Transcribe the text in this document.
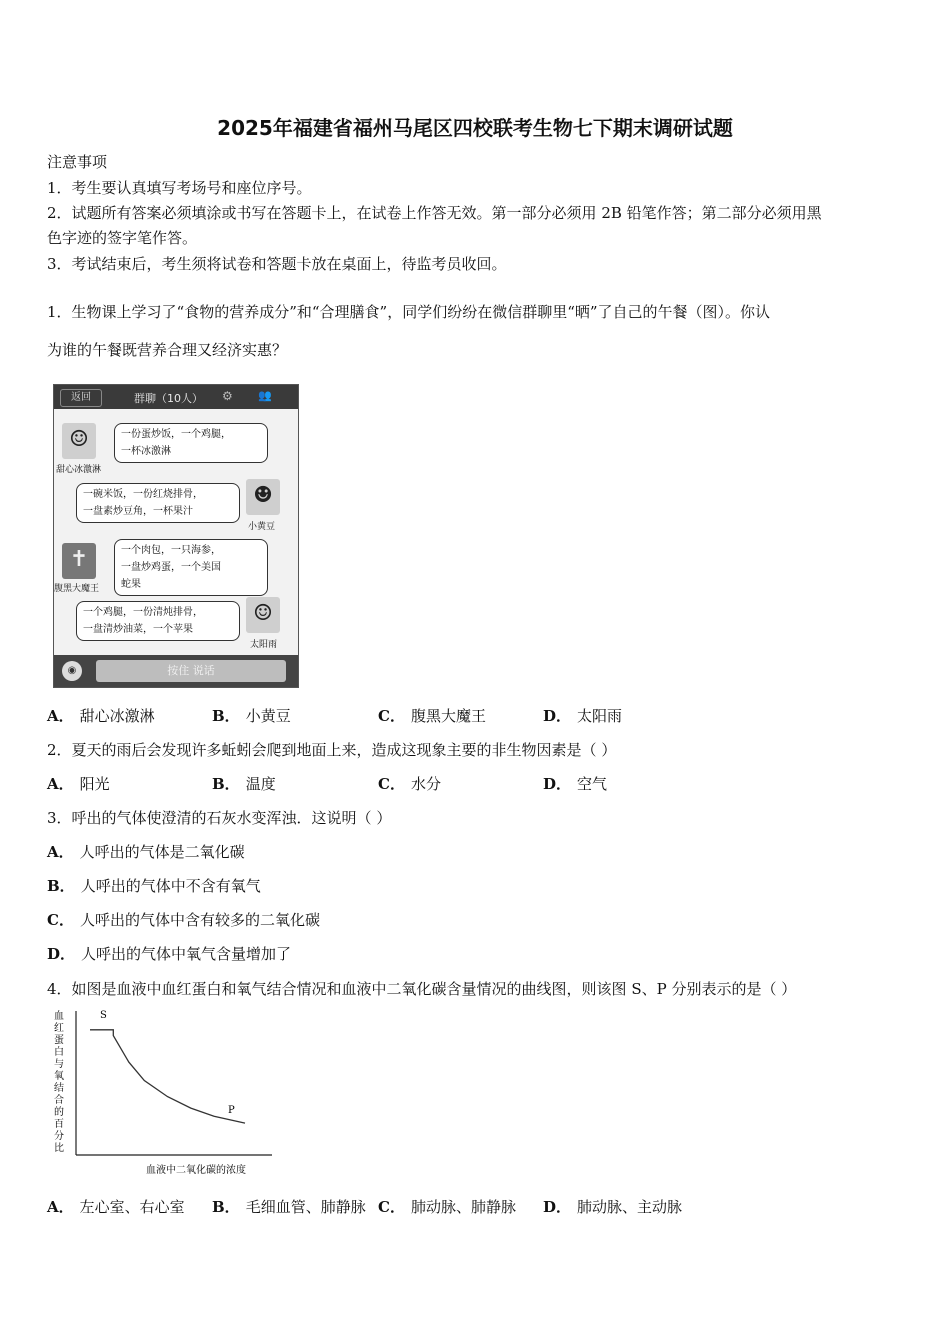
2025年福建省福州马尾区四校联考生物七下期末调研试题
注意事项
1．考生要认真填写考场号和座位序号。
2．试题所有答案必须填涂或书写在答题卡上，在试卷上作答无效。第一部分必须用 2B 铅笔作答；第二部分必须用黑
色字迹的签字笔作答。
3．考试结束后，考生须将试卷和答题卡放在桌面上，待监考员收回。
1．生物课上学习了“食物的营养成分”和“合理膳食”，同学们纷纷在微信群聊里“晒”了自己的午餐（图）。你认
为谁的午餐既营养合理又经济实惠？
返回	群聊（10人） ⚙ 👥
☺
甜心冰激淋
一份蛋炒饭，一个鸡腿，
一杯冰激淋
一碗米饭，一份红烧排骨，
一盘素炒豆角，一杯果汁
☻
小黄豆
✝
腹黑大魔王
一个肉包，一只海参，
一盘炒鸡蛋，一个美国
蛇果
一个鸡腿，一份清炖排骨，
一盘清炒油菜，一个苹果
☺
太阳雨
◉	按住 说话
A． 甜心冰激淋	B． 小黄豆	C． 腹黑大魔王	D． 太阳雨
2．夏天的雨后会发现许多蚯蚓会爬到地面上来，造成这现象主要的非生物因素是（ ）
A． 阳光	B． 温度	C． 水分	D． 空气
3．呼出的气体使澄清的石灰水变浑浊．这说明（ ）
A． 人呼出的气体是二氧化碳
B． 人呼出的气体中不含有氧气
C． 人呼出的气体中含有较多的二氧化碳
D． 人呼出的气体中氧气含量增加了
4．如图是血液中血红蛋白和氧气结合情况和血液中二氧化碳含量情况的曲线图，则该图 S、P 分别表示的是（ ）
血
红
蛋
白
与
氧
结
合
的
百
分
比
S
P
血液中二氧化碳的浓度
A． 左心室、右心室 B． 毛细血管、肺静脉 C． 肺动脉、肺静脉 D． 肺动脉、主动脉
